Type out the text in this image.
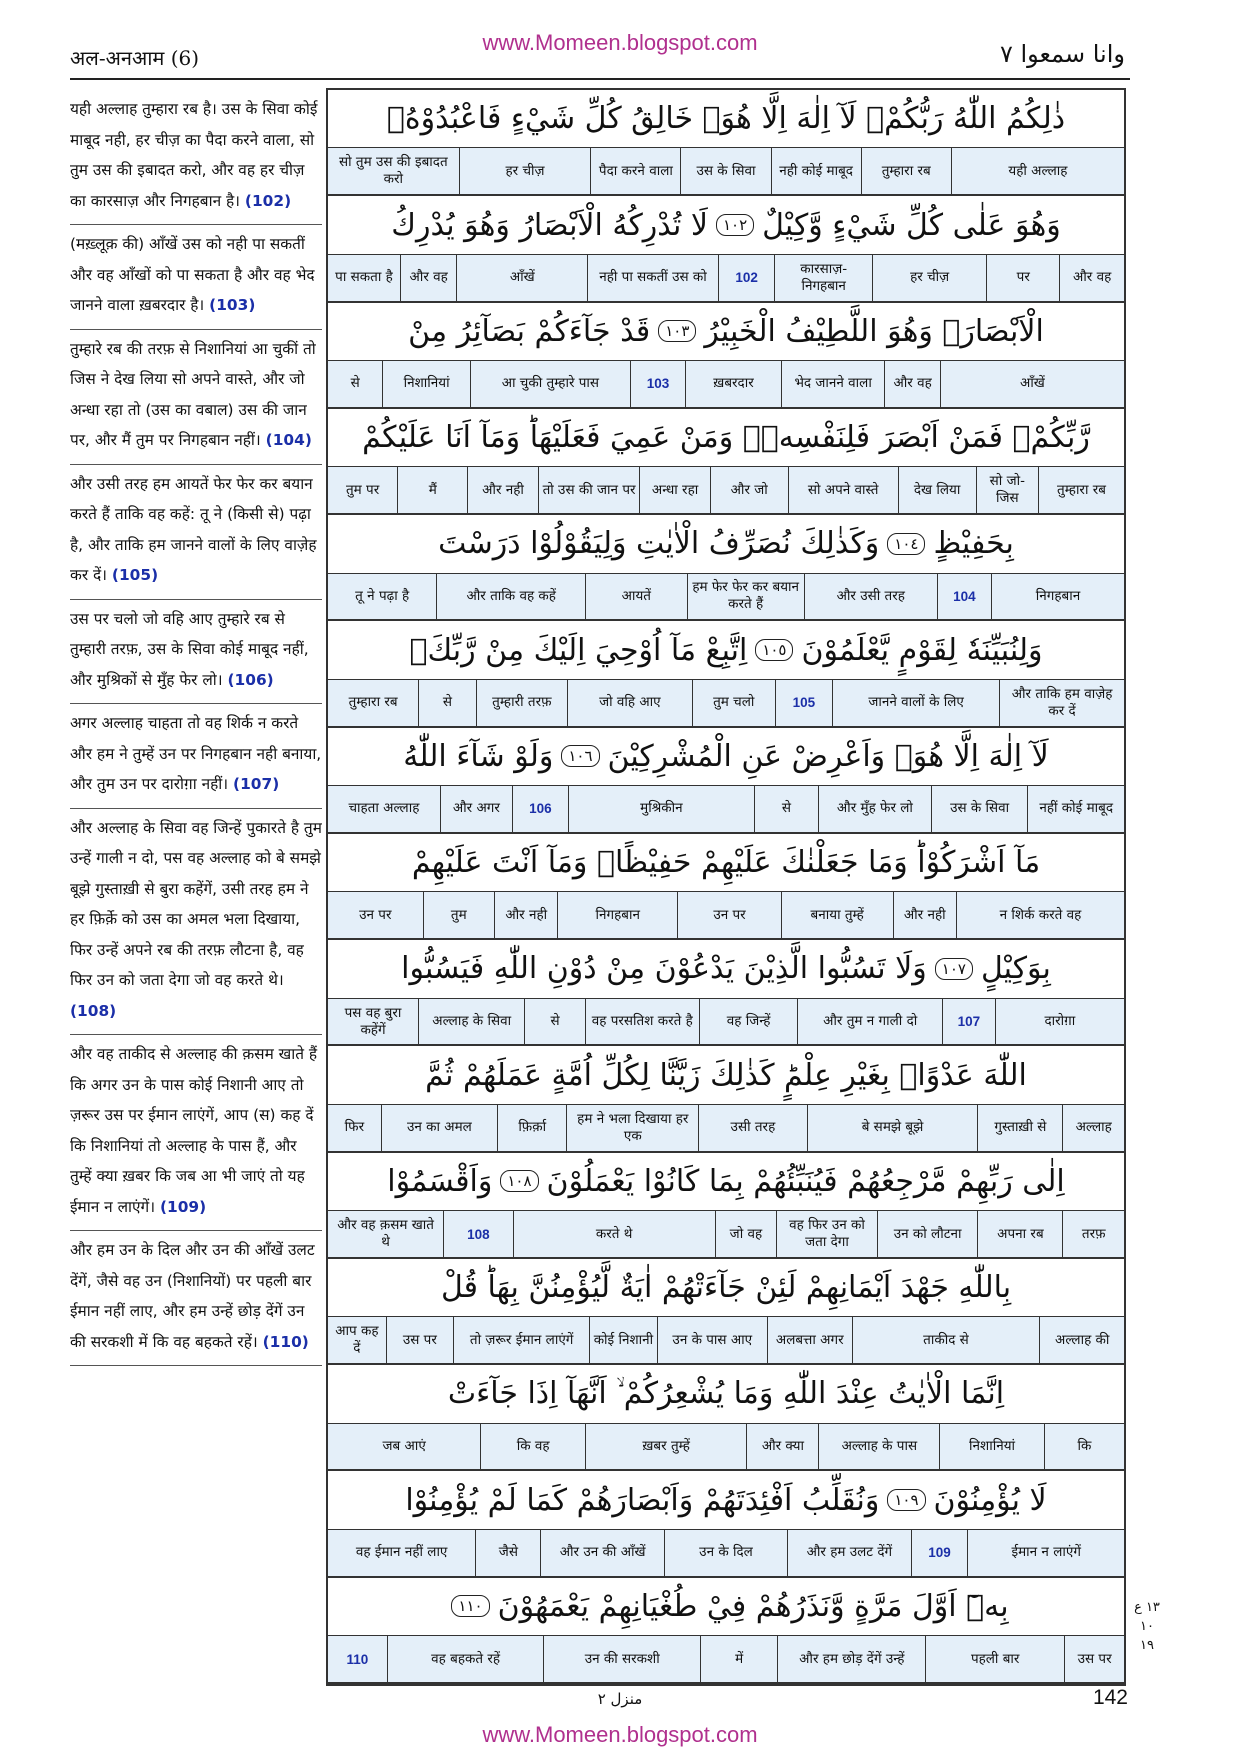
www.Momeen.blogspot.com
अल-अनआम (6)	وانا سمعوا ٧
यही अल्लाह तुम्हारा रब है। उस के सिवा कोई माबूद नही, हर चीज़ का पैदा करने वाला, सो तुम उस की इबादत करो, और वह हर चीज़ का कारसाज़ और निगहबान है। (102)
(मख़्लूक़ की) आँखें उस को नही पा सकतीं और वह आँखों को पा सकता है और वह भेद जानने वाला ख़बरदार है। (103)
तुम्हारे रब की तरफ़ से निशानियां आ चुकीं तो जिस ने देख लिया सो अपने वास्ते, और जो अन्धा रहा तो (उस का वबाल) उस की जान पर, और मैं तुम पर निगहबान नहीं। (104)
और उसी तरह हम आयतें फेर फेर कर बयान करते हैं ताकि वह कहें: तू ने (किसी से) पढ़ा है, और ताकि हम जानने वालों के लिए वाज़ेह कर दें। (105)
उस पर चलो जो वहि आए तुम्हारे रब से तुम्हारी तरफ़, उस के सिवा कोई माबूद नहीं, और मुश्रिकों से मुँह फेर लो। (106)
अगर अल्लाह चाहता तो वह शिर्क न करते और हम ने तुम्हें उन पर निगहबान नही बनाया, और तुम उन पर दारोग़ा नहीं। (107)
और अल्लाह के सिवा वह जिन्हें पुकारते है तुम उन्हें गाली न दो, पस वह अल्लाह को बे समझे बूझे गुस्ताख़ी से बुरा कहेंगें, उसी तरह हम ने हर फ़िर्क़े को उस का अमल भला दिखाया, फिर उन्हें अपने रब की तरफ़ लौटना है, वह फिर उन को जता देगा जो वह करते थे। (108)
और वह ताकीद से अल्लाह की क़सम खाते हैं कि अगर उन के पास कोई निशानी आए तो ज़रूर उस पर ईमान लाएंगें, आप (स) कह दें कि निशानियां तो अल्लाह के पास हैं, और तुम्हें क्या ख़बर कि जब आ भी जाएं तो यह ईमान न लाएंगें। (109)
और हम उन के दिल और उन की आँखें उलट देंगें, जैसे वह उन (निशानियों) पर पहली बार ईमान नहीं लाए, और हम उन्हें छोड़ देंगें उन की सरकशी में कि वह बहकते रहें। (110)
ذٰلِكُمُ اللّٰهُ رَبُّكُمْۚ لَآ اِلٰهَ اِلَّا هُوَۚ خَالِقُ كُلِّ شَيْءٍ فَاعْبُدُوْهُۚ
यही अल्लाह
तुम्हारा रब
नही कोई माबूद
उस के सिवा
पैदा करने वाला
हर चीज़
सो तुम उस की इबादत करो
وَهُوَ عَلٰى كُلِّ شَيْءٍ وَّكِيْلٌ
١٠٢
لَا تُدْرِكُهُ الْاَبْصَارُ وَهُوَ يُدْرِكُ
और वह
पर
हर चीज़
कारसाज़-निगहबान
102
नही पा सकतीं उस को
आँखें
और वह
पा सकता है
الْاَبْصَارَۚ وَهُوَ اللَّطِيْفُ الْخَبِيْرُ
١٠٣
قَدْ جَآءَكُمْ بَصَآئِرُ مِنْ
आँखें
और वह
भेद जानने वाला
ख़बरदार
103
आ चुकी तुम्हारे पास
निशानियां
से
رَّبِّكُمْۚ فَمَنْ اَبْصَرَ فَلِنَفْسِهٖۚ وَمَنْ عَمِيَ فَعَلَيْهَاؕ وَمَآ اَنَا عَلَيْكُمْ
तुम्हारा रब
सो जो-जिस
देख लिया
सो अपने वास्ते
और जो
अन्धा रहा
तो उस की जान पर
और नही
मैं
तुम पर
بِحَفِيْظٍ
١٠٤
وَكَذٰلِكَ نُصَرِّفُ الْاٰيٰتِ وَلِيَقُوْلُوْا دَرَسْتَ
निगहबान
104
और उसी तरह
हम फेर फेर कर बयान करते हैं
आयतें
और ताकि वह कहें
तू ने पढ़ा है
وَلِنُبَيِّنَهٗ لِقَوْمٍ يَّعْلَمُوْنَ
١٠٥
اِتَّبِعْ مَآ اُوْحِيَ اِلَيْكَ مِنْ رَّبِّكَۚ
और ताकि हम वाज़ेह कर दें
जानने वालों के लिए
105
तुम चलो
जो वहि आए
तुम्हारी तरफ़
से
तुम्हारा रब
لَآ اِلٰهَ اِلَّا هُوَۚ وَاَعْرِضْ عَنِ الْمُشْرِكِيْنَ
١٠٦
وَلَوْ شَآءَ اللّٰهُ
नहीं कोई माबूद
उस के सिवा
और मुँह फेर लो
से
मुश्रिकीन
106
और अगर
चाहता अल्लाह
مَآ اَشْرَكُوْاؕ وَمَا جَعَلْنٰكَ عَلَيْهِمْ حَفِيْظًاۚ وَمَآ اَنْتَ عَلَيْهِمْ
न शिर्क करते वह
और नही
बनाया तुम्हें
उन पर
निगहबान
और नही
तुम
उन पर
بِوَكِيْلٍ
١٠٧
وَلَا تَسُبُّوا الَّذِيْنَ يَدْعُوْنَ مِنْ دُوْنِ اللّٰهِ فَيَسُبُّوا
दारोग़ा
107
और तुम न गाली दो
वह जिन्हें
वह परसतिश करते है
से
अल्लाह के सिवा
पस वह बुरा कहेंगें
اللّٰهَ عَدْوًاۢ بِغَيْرِ عِلْمٍؕ كَذٰلِكَ زَيَّنَّا لِكُلِّ اُمَّةٍ عَمَلَهُمْ ثُمَّ
अल्लाह
गुस्ताख़ी से
बे समझे बूझे
उसी तरह
हम ने भला दिखाया हर एक
फ़िर्क़ा
उन का अमल
फिर
اِلٰى رَبِّهِمْ مَّرْجِعُهُمْ فَيُنَبِّئُهُمْ بِمَا كَانُوْا يَعْمَلُوْنَ
١٠٨
وَاَقْسَمُوْا
तरफ़
अपना रब
उन को लौटना
वह फिर उन को जता देगा
जो वह
करते थे
108
और वह क़सम खाते थे
بِاللّٰهِ جَهْدَ اَيْمَانِهِمْ لَئِنْ جَآءَتْهُمْ اٰيَةٌ لَّيُؤْمِنُنَّ بِهَاؕ قُلْ
अल्लाह की
ताकीद से
अलबत्ता अगर
उन के पास आए
कोई निशानी
तो ज़रूर ईमान लाएंगें
उस पर
आप कह दें
اِنَّمَا الْاٰيٰتُ عِنْدَ اللّٰهِ وَمَا يُشْعِرُكُمْ ۙ اَنَّهَآ اِذَا جَآءَتْ
कि
निशानियां
अल्लाह के पास
और क्या
ख़बर तुम्हें
कि वह
जब आएं
لَا يُؤْمِنُوْنَ
١٠٩
وَنُقَلِّبُ اَفْئِدَتَهُمْ وَاَبْصَارَهُمْ كَمَا لَمْ يُؤْمِنُوْا
ईमान न लाएंगें
109
और हम उलट देंगें
उन के दिल
और उन की आँखें
जैसे
वह ईमान नहीं लाए
بِهٖٓ اَوَّلَ مَرَّةٍ وَّنَذَرُهُمْ فِيْ طُغْيَانِهِمْ يَعْمَهُوْنَ
١١٠
उस पर
पहली बार
और हम छोड़ देंगें उन्हें
में
उन की सरकशी
वह बहकते रहें
110
١٣ ع ١٠ ١٩
منزل ٢	142
www.Momeen.blogspot.com
